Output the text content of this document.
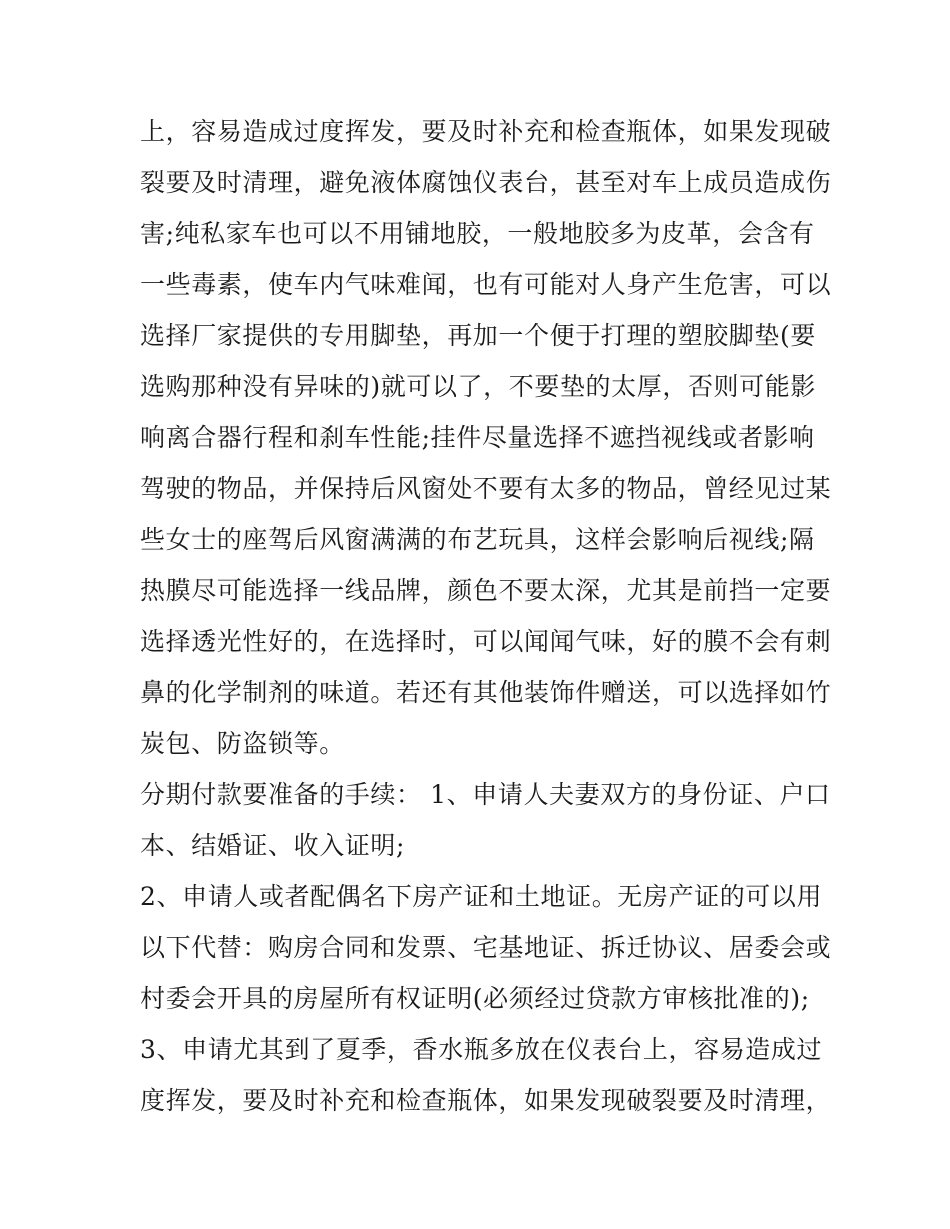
上，容易造成过度挥发，要及时补充和检查瓶体，如果发现破
裂要及时清理，避免液体腐蚀仪表台，甚至对车上成员造成伤
害;纯私家车也可以不用铺地胶，一般地胶多为皮革，会含有
一些毒素，使车内气味难闻，也有可能对人身产生危害，可以
选择厂家提供的专用脚垫，再加一个便于打理的塑胶脚垫(要
选购那种没有异味的)就可以了，不要垫的太厚，否则可能影
响离合器行程和刹车性能;挂件尽量选择不遮挡视线或者影响
驾驶的物品，并保持后风窗处不要有太多的物品，曾经见过某
些女士的座驾后风窗满满的布艺玩具，这样会影响后视线;隔
热膜尽可能选择一线品牌，颜色不要太深，尤其是前挡一定要
选择透光性好的，在选择时，可以闻闻气味，好的膜不会有刺
鼻的化学制剂的味道。若还有其他装饰件赠送，可以选择如竹
炭包、防盗锁等。
分期付款要准备的手续： 1、申请人夫妻双方的身份证、户口
本、结婚证、收入证明;
2、申请人或者配偶名下房产证和土地证。无房产证的可以用
以下代替：购房合同和发票、宅基地证、拆迁协议、居委会或
村委会开具的房屋所有权证明(必须经过贷款方审核批准的);
3、申请尤其到了夏季，香水瓶多放在仪表台上，容易造成过
度挥发，要及时补充和检查瓶体，如果发现破裂要及时清理，
